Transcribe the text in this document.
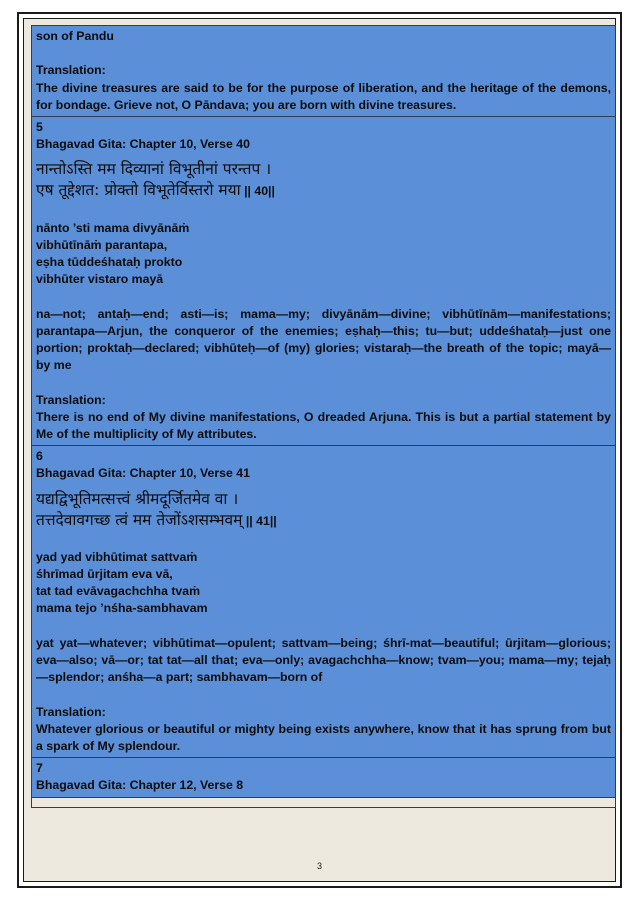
son of Pandu

Translation:

The divine treasures are said to be for the purpose of liberation, and the heritage of the demons, for bondage. Grieve not, O Pāndava; you are born with divine treasures.

5

Bhagavad Gita: Chapter 10, Verse 40

नान्तोऽस्ति मम दिव्यानां विभूतीनां परन्तप ।

एष तूद्देशत: प्रोक्तो विभूतेर्विस्तरो मया || 40||

nānto ’sti mama divyānāṁ

vibhūtīnāṁ parantapa,

eṣha tūddeśhataḥ prokto

vibhūter vistaro mayā

na—not; antaḥ—end; asti—is; mama—my; divyānām—divine; vibhūtīnām—manifestations; parantapa—Arjun, the conqueror of the enemies; eṣhaḥ—this; tu—but; uddeśhataḥ—just one portion; proktaḥ—declared; vibhūteḥ—of (my) glories; vistaraḥ—the breath of the topic; mayā—by me

Translation:

There is no end of My divine manifestations, O dreaded Arjuna. This is but a partial statement by Me of the multiplicity of My attributes.

6

Bhagavad Gita: Chapter 10, Verse 41

यद्यद्विभूतिमत्सत्त्वं श्रीमदूर्जितमेव वा ।

तत्तदेवावगच्छ त्वं मम तेजोंऽशसम्भवम् || 41||

yad yad vibhūtimat sattvaṁ

śhrīmad ūrjitam eva vā,

tat tad evāvagachchha tvaṁ

mama tejo ’nśha-sambhavam

yat yat—whatever; vibhūtimat—opulent; sattvam—being; śhrī-mat—beautiful; ūrjitam—glorious; eva—also; vā—or; tat tat—all that; eva—only; avagachchha—know; tvam—you; mama—my; tejaḥ—splendor; anśha—a part; sambhavam—born of

Translation:

Whatever glorious or beautiful or mighty being exists anywhere, know that it has sprung from but a spark of My splendour.

7

Bhagavad Gita: Chapter 12, Verse 8

3
